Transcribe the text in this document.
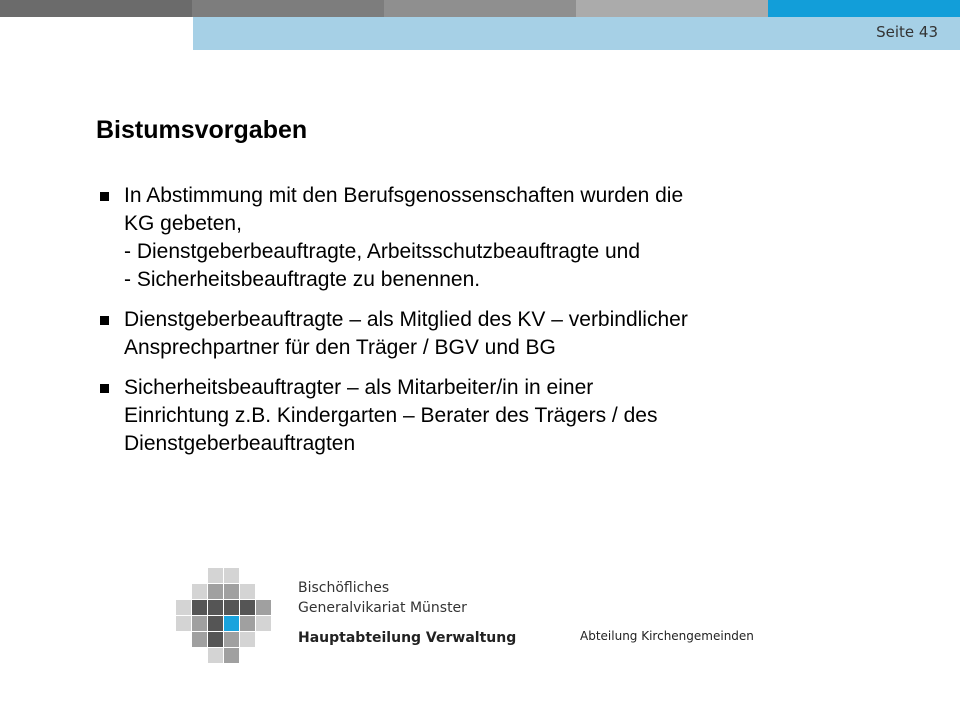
Seite 43
Bistumsvorgaben
In Abstimmung mit den Berufsgenossenschaften wurden die
KG gebeten,
- Dienstgeberbeauftragte, Arbeitsschutzbeauftragte und
- Sicherheitsbeauftragte zu benennen.
Dienstgeberbeauftragte – als Mitglied des KV – verbindlicher
Ansprechpartner für den Träger / BGV und BG
Sicherheitsbeauftragter – als Mitarbeiter/in in einer
Einrichtung z.B. Kindergarten – Berater des Trägers / des
Dienstgeberbeauftragten
Bischöfliches
Generalvikariat Münster
Hauptabteilung Verwaltung	Abteilung Kirchengemeinden
